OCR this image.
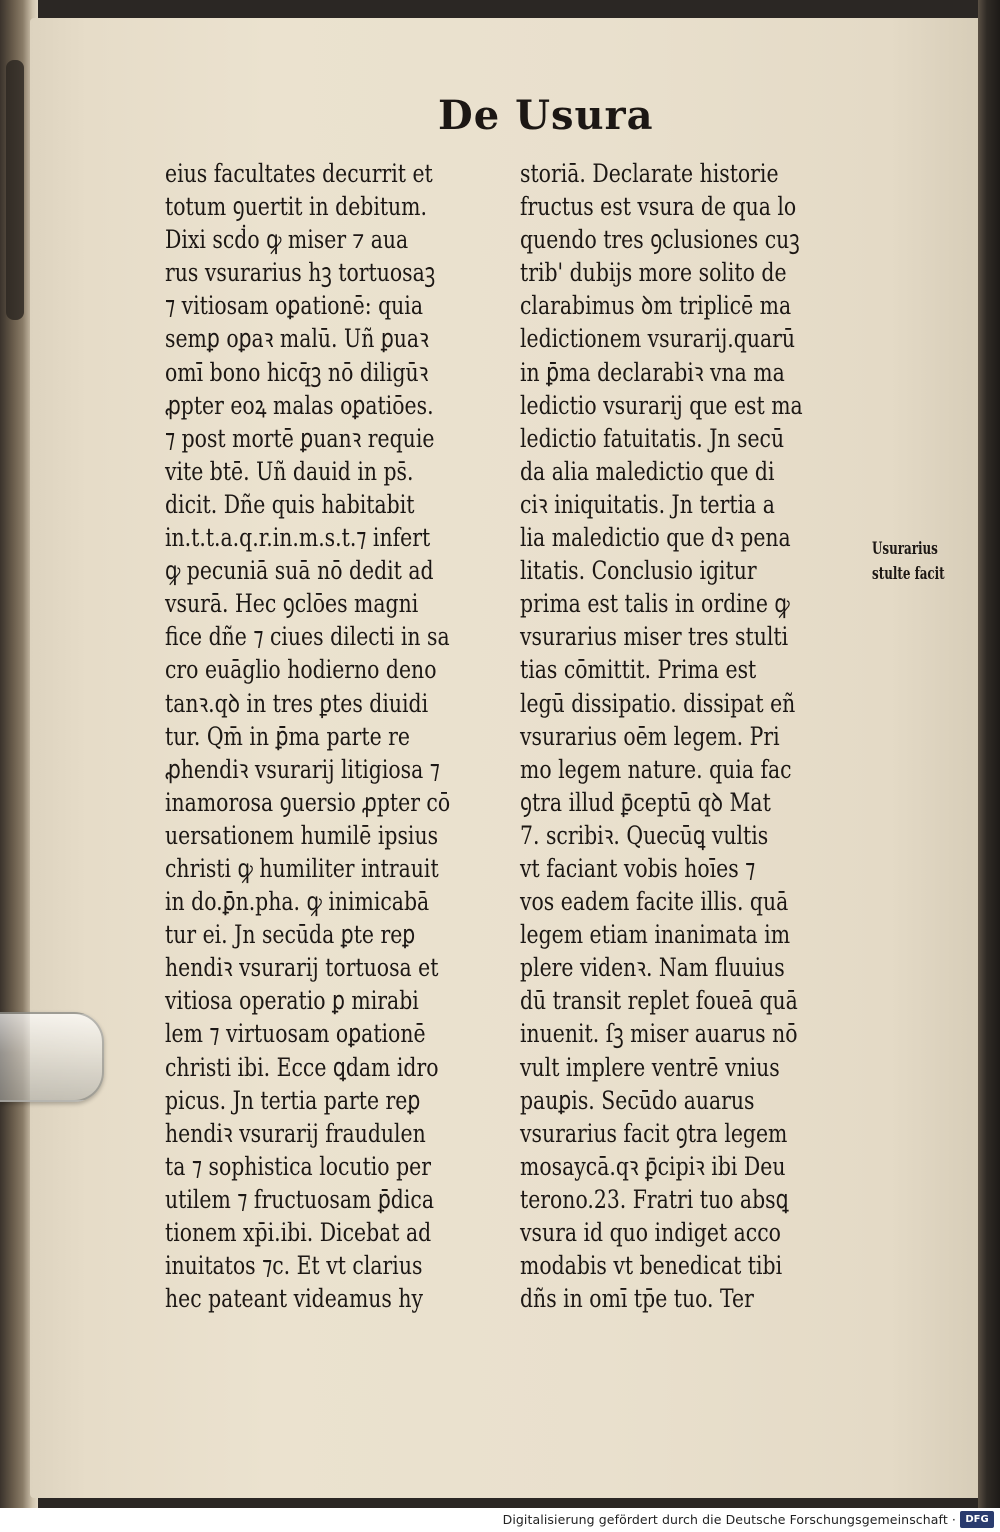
De Usura
eius facultates decurrit et
totum ꝯuertit in debitum.
Dixi scḋo ꝙ miser ⁊ aua
rus vsurarius hꝫ tortuosaꝫ
⁊ vitiosam oꝑationē: quia
semꝑ oꝑaꝛ malū. Uñ ꝑuaꝛ
omī bono hicq̄ꝫ nō diligūꝛ
ꝓpter eoꝝ malas oꝑatiōes.
⁊ post mortē ꝑuanꝛ requie
vite btē. Uñ dauid in ps̄.
dicit. Dñe quis habitabit
in.t.t.a.q.r.in.m.s.t.⁊ infert
ꝙ pecuniā suā nō dedit ad
vsurā. Hec ꝯclōes magni
fice dñe ⁊ ciues dilecti in sa
cro euāglio hodierno deno
tanꝛ.qꝺ in tres ꝑtes diuidi
tur. Qm̄ in ꝑ̄ma parte re
ꝓhendiꝛ vsurarij litigiosa ⁊
inamorosa ꝯuersio ꝓpter cō
uersationem humilē ipsius
christi ꝙ humiliter intrauit
in do.ꝑ̄n.pha. ꝙ inimicabā
tur ei. Jn secūda ꝑte reꝑ
hendiꝛ vsurarij tortuosa et
vitiosa operatio ꝑ mirabi
lem ⁊ virtuosam oꝑationē
christi ibi. Ecce ꝗdam idro
picus. Jn tertia parte reꝑ
hendiꝛ vsurarij fraudulen
ta ⁊ sophistica locutio per
utilem ⁊ fructuosam ꝑ̄dica
tionem xp̄i.ibi. Dicebat ad
inuitatos ⁊c. Et vt clarius
hec pateant videamus hy
storiā. Declarate historie
fructus est vsura de qua lo
quendo tres ꝯclusiones cuꝫ
trib' dubijs more solito de
clarabimus ꝺm triplicē ma
ledictionem vsurarij.quarū
in ꝑ̄ma declarabiꝛ vna ma
ledictio vsurarij que est ma
ledictio fatuitatis. Jn secū
da alia maledictio que di
ciꝛ iniquitatis. Jn tertia a
lia maledictio que dꝛ pena
litatis. Conclusio igitur
prima est talis in ordine ꝙ
vsurarius miser tres stulti
tias cōmittit. Prima est
legū dissipatio. dissipat eñ
vsurarius oēm legem. Pri
mo legem nature. quia fac
ꝯtra illud ꝑ̄ceptū qꝺ Mat
7. scribiꝛ. Quecūꝗ vultis
vt faciant vobis hoīes ⁊
vos eadem facite illis. quā
legem etiam inanimata im
plere videnꝛ. Nam fluuius
dū transit replet foueā quā
inuenit. ſꝫ miser auarus nō
vult implere ventrē vnius
pauꝑis. Secūdo auarus
vsurarius facit ꝯtra legem
mosaycā.qꝛ ꝑ̄cipiꝛ ibi Deu
terono.23. Fratri tuo absꝗ
vsura id quo indiget acco
modabis vt benedicat tibi
dñs in omī tp̄e tuo. Ter
Usurarius
stulte facit
Digitalisierung gefördert durch die Deutsche Forschungsgemeinschaft · DFG
